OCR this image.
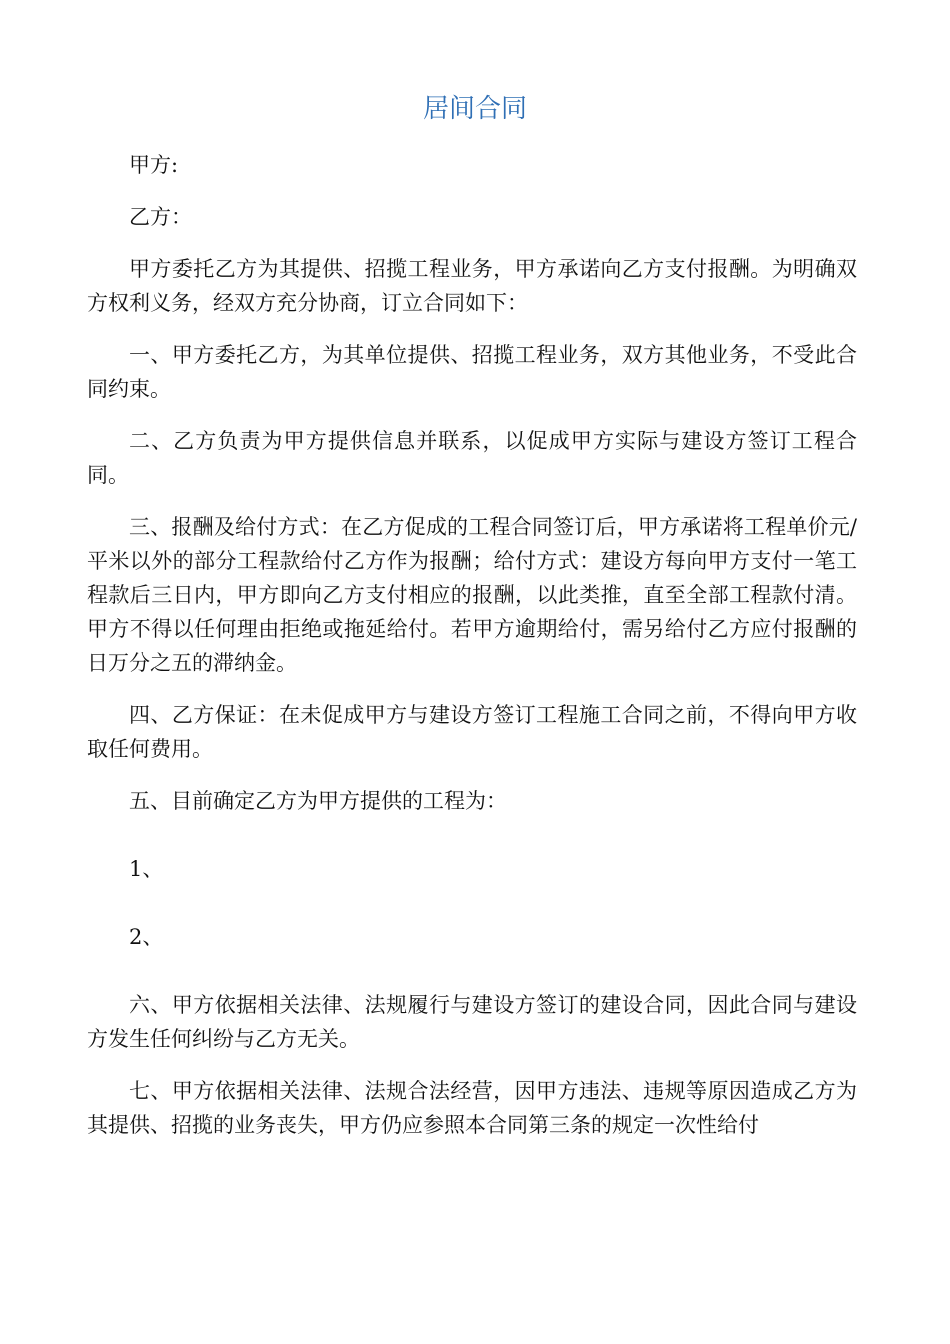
居间合同

甲方:

乙方：

甲方委托乙方为其提供、招揽工程业务，甲方承诺向乙方支付报酬。为明确双方权利义务，经双方充分协商，订立合同如下：

一、甲方委托乙方，为其单位提供、招揽工程业务，双方其他业务，不受此合同约束。

二、乙方负责为甲方提供信息并联系，以促成甲方实际与建设方签订工程合同。

三、报酬及给付方式：在乙方促成的工程合同签订后，甲方承诺将工程单价元/平米以外的部分工程款给付乙方作为报酬；给付方式：建设方每向甲方支付一笔工程款后三日内，甲方即向乙方支付相应的报酬，以此类推，直至全部工程款付清。甲方不得以任何理由拒绝或拖延给付。若甲方逾期给付，需另给付乙方应付报酬的日万分之五的滞纳金。

四、乙方保证：在未促成甲方与建设方签订工程施工合同之前，不得向甲方收取任何费用。

五、目前确定乙方为甲方提供的工程为：

1、

2、

六、甲方依据相关法律、法规履行与建设方签订的建设合同，因此合同与建设方发生任何纠纷与乙方无关。

七、甲方依据相关法律、法规合法经营，因甲方违法、违规等原因造成乙方为其提供、招揽的业务丧失，甲方仍应参照本合同第三条的规定一次性给付
